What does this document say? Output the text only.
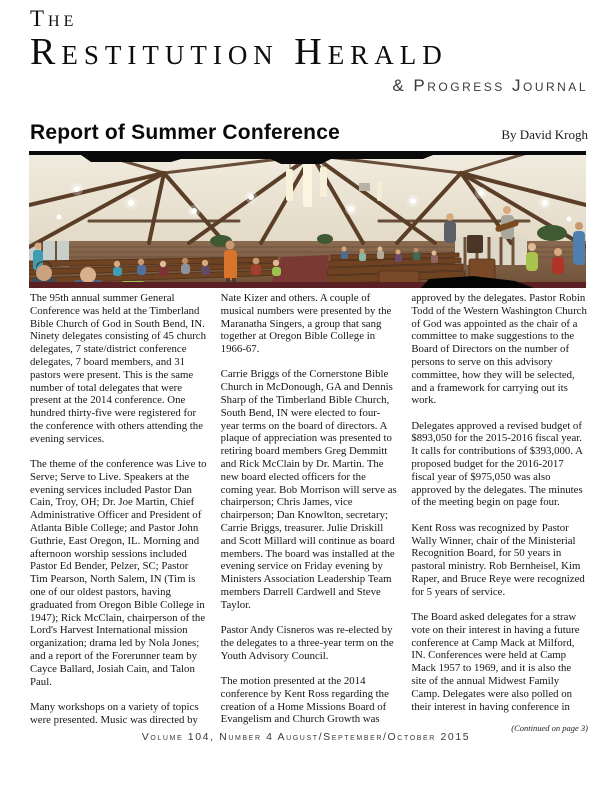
The
Restitution Herald
& Progress Journal
Report of Summer Conference	By David Krogh

The 95th annual summer General Conference was held at the Timberland Bible Church of God in South Bend, IN. Ninety delegates consisting of 45 church delegates, 7 state/district conference delegates, 7 board members, and 31 pastors were present. This is the same number of total delegates that were present at the 2014 conference. One hundred thirty-five were registered for the conference with others attending the evening services.

The theme of the conference was Live to Serve; Serve to Live. Speakers at the evening services included Pastor Dan Cain, Troy, OH; Dr. Joe Martin, Chief Administrative Officer and President of Atlanta Bible College; and Pastor John Guthrie, East Oregon, IL. Morning and afternoon worship sessions included Pastor Ed Bender, Pelzer, SC; Pastor Tim Pearson, North Salem, IN (Tim is one of our oldest pastors, having graduated from Oregon Bible College in 1947); Rick McClain, chairperson of the Lord's Harvest International mission organization; drama led by Nola Jones; and a report of the Forerunner team by Cayce Ballard, Josiah Cain, and Talon Paul.

Many workshops on a variety of topics were presented. Music was directed by

Nate Kizer and others. A couple of musical numbers were presented by the Maranatha Singers, a group that sang together at Oregon Bible College in 1966-67.

Carrie Briggs of the Cornerstone Bible Church in McDonough, GA and Dennis Sharp of the Timberland Bible Church, South Bend, IN were elected to four-year terms on the board of directors. A plaque of appreciation was presented to retiring board members Greg Demmitt and Rick McClain by Dr. Martin. The new board elected officers for the coming year. Bob Morrison will serve as chairperson; Chris James, vice chairperson; Dan Knowlton, secretary; Carrie Briggs, treasurer. Julie Driskill and Scott Millard will continue as board members. The board was installed at the evening service on Friday evening by Ministers Association Leadership Team members Darrell Cardwell and Steve Taylor.

Pastor Andy Cisneros was re-elected by the delegates to a three-year term on the Youth Advisory Council.

The motion presented at the 2014 conference by Kent Ross regarding the creation of a Home Missions Board of Evangelism and Church Growth was

approved by the delegates. Pastor Robin Todd of the Western Washington Church of God was appointed as the chair of a committee to make suggestions to the Board of Directors on the number of persons to serve on this advisory committee, how they will be selected, and a framework for carrying out its work.

Delegates approved a revised budget of $893,050 for the 2015-2016 fiscal year. It calls for contributions of $393,000. A proposed budget for the 2016-2017 fiscal year of $975,050 was also approved by the delegates. The minutes of the meeting begin on page four.

Kent Ross was recognized by Pastor Wally Winner, chair of the Ministerial Recognition Board, for 50 years in pastoral ministry. Rob Bernheisel, Kim Raper, and Bruce Reye were recognized for 5 years of service.

The Board asked delegates for a straw vote on their interest in having a future conference at Camp Mack at Milford, IN. Conferences were held at Camp Mack 1957 to 1969, and it is also the site of the annual Midwest Family Camp. Delegates were also polled on their interest in having conference in

(Continued on page 3)
Volume 104, Number 4 August/September/October 2015
